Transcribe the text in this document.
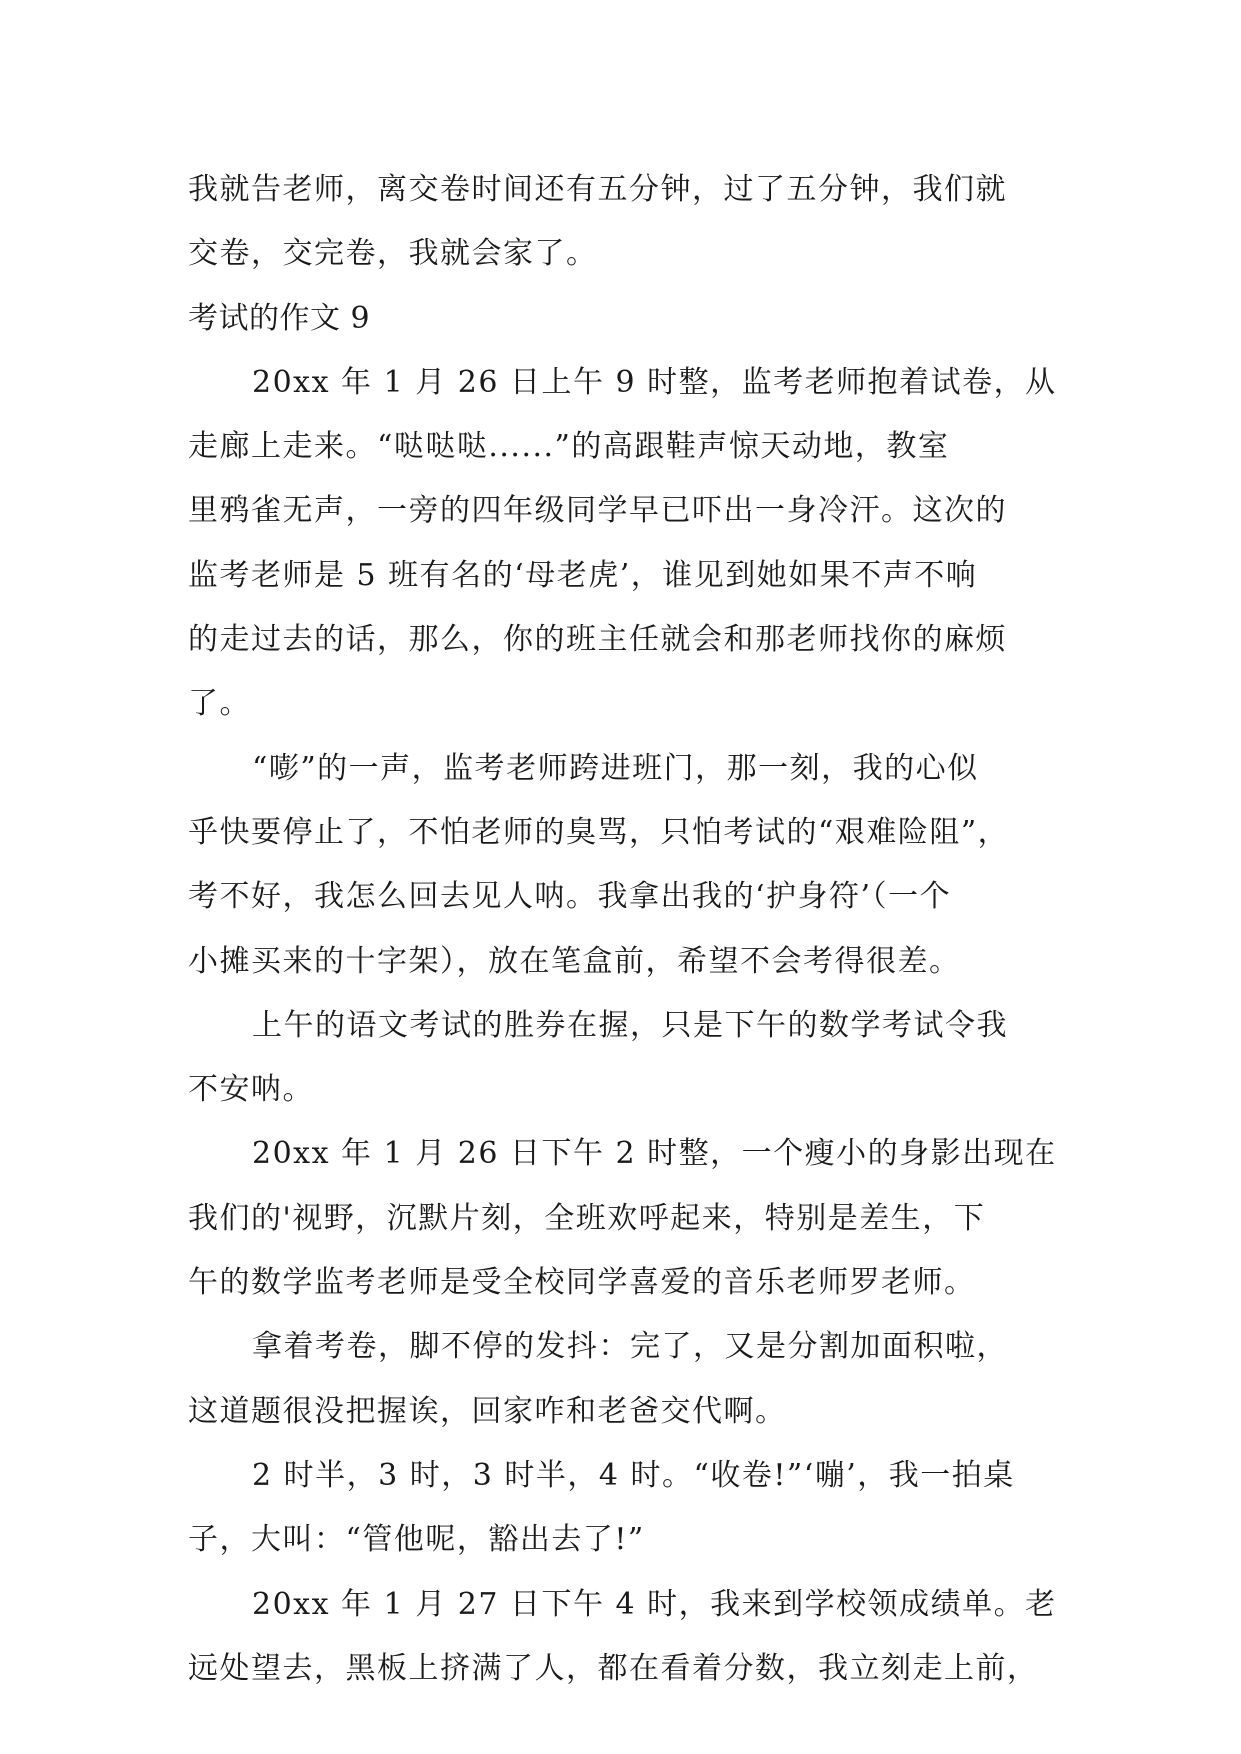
我就告老师，离交卷时间还有五分钟，过了五分钟，我们就
交卷，交完卷，我就会家了。
考试的作文 9
20xx 年 1 月 26 日上午 9 时整，监考老师抱着试卷，从
走廊上走来。“哒哒哒......”的高跟鞋声惊天动地，教室
里鸦雀无声，一旁的四年级同学早已吓出一身冷汗。这次的
监考老师是 5 班有名的‘母老虎’，谁见到她如果不声不响
的走过去的话，那么，你的班主任就会和那老师找你的麻烦
了。
“嘭”的一声，监考老师跨进班门，那一刻，我的心似
乎快要停止了，不怕老师的臭骂，只怕考试的“艰难险阻”，
考不好，我怎么回去见人呐。我拿出我的‘护身符’（一个
小摊买来的十字架），放在笔盒前，希望不会考得很差。
上午的语文考试的胜券在握，只是下午的数学考试令我
不安呐。
20xx 年 1 月 26 日下午 2 时整，一个瘦小的身影出现在
我们的'视野，沉默片刻，全班欢呼起来，特别是差生，下
午的数学监考老师是受全校同学喜爱的音乐老师罗老师。
拿着考卷，脚不停的发抖：完了，又是分割加面积啦，
这道题很没把握诶，回家咋和老爸交代啊。
2 时半，3 时，3 时半，4 时。“收卷!”‘嘣’，我一拍桌
子，大叫：“管他呢，豁出去了!”
20xx 年 1 月 27 日下午 4 时，我来到学校领成绩单。老
远处望去，黑板上挤满了人，都在看着分数，我立刻走上前，
